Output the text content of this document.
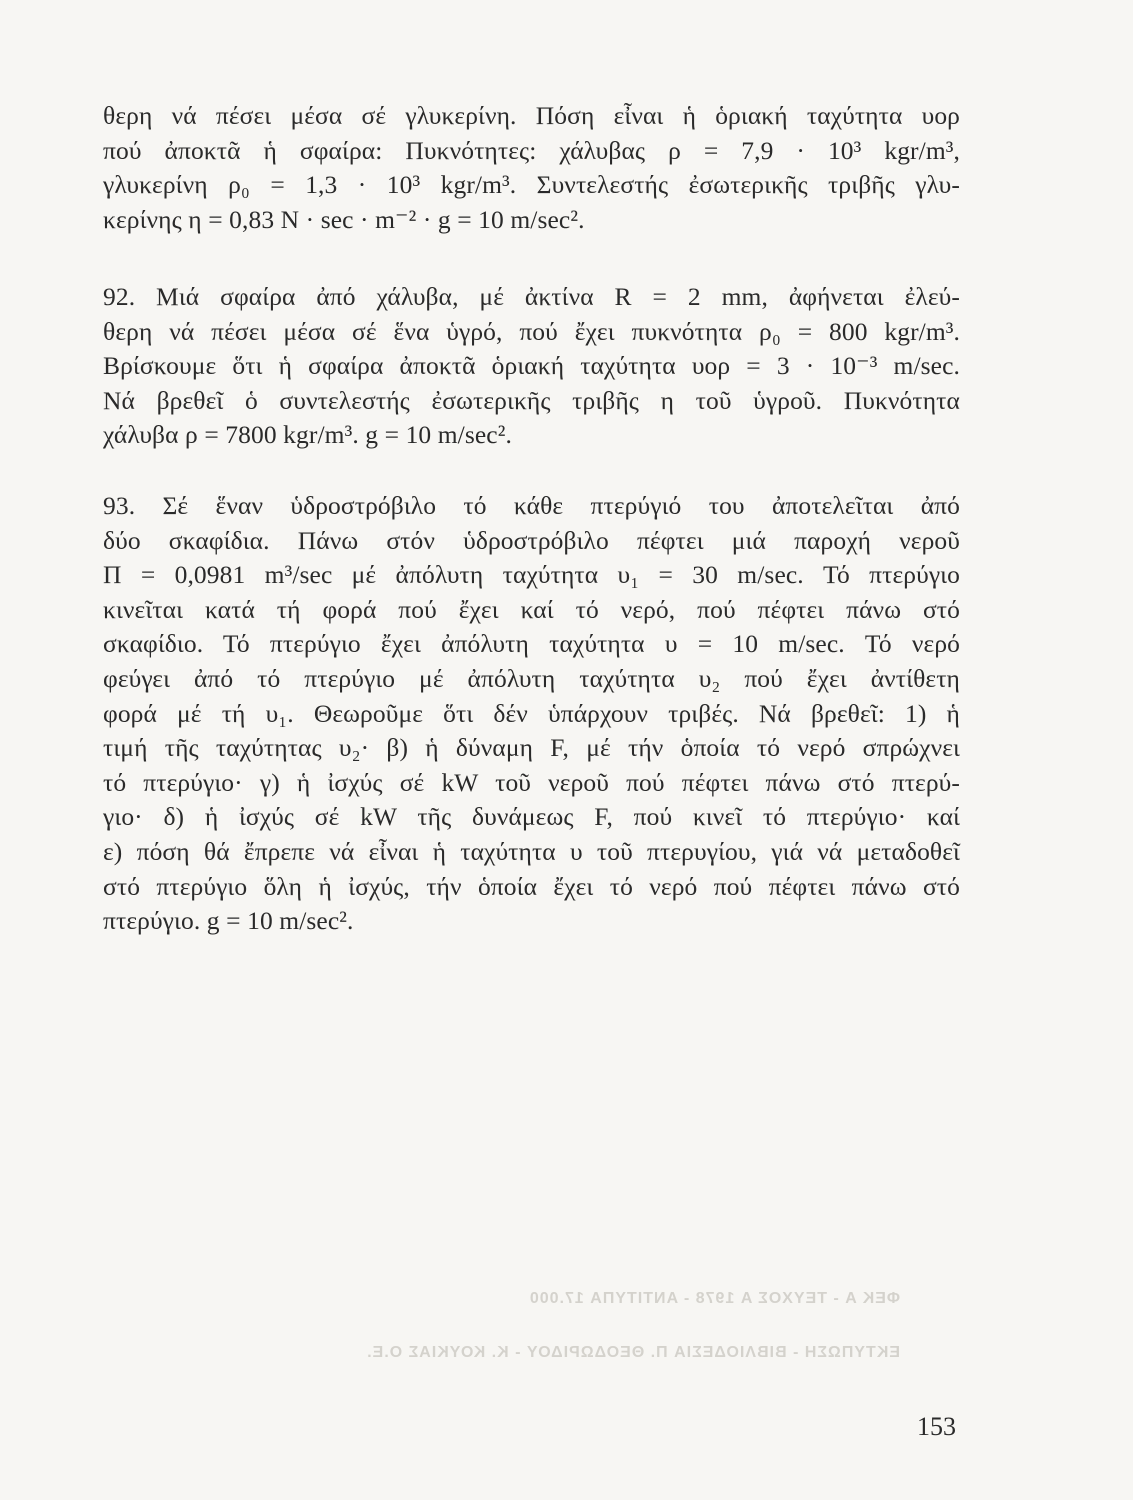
θερη νά πέσει μέσα σέ γλυκερίνη. Πόση εἶναι ἡ ὁριακή ταχύτητα υορ
πού ἀποκτᾶ ἡ σφαίρα: Πυκνότητες: χάλυβας ρ = 7,9 · 10³ kgr/m³,
γλυκερίνη ρ₀ = 1,3 · 10³ kgr/m³. Συντελεστής ἐσωτερικῆς τριβῆς γλυ-
κερίνης η = 0,83 N · sec · m⁻² · g = 10 m/sec².
92. Μιά σφαίρα ἀπό χάλυβα, μέ ἀκτίνα R = 2 mm, ἀφήνεται ἐλεύ-
θερη νά πέσει μέσα σέ ἕνα ὑγρό, πού ἔχει πυκνότητα ρ₀ = 800 kgr/m³.
Βρίσκουμε ὅτι ἡ σφαίρα ἀποκτᾶ ὁριακή ταχύτητα υορ = 3 · 10⁻³ m/sec.
Νά βρεθεῖ ὁ συντελεστής ἐσωτερικῆς τριβῆς η τοῦ ὑγροῦ. Πυκνότητα
χάλυβα ρ = 7800 kgr/m³. g = 10 m/sec².
93. Σέ ἕναν ὑδροστρόβιλο τό κάθε πτερύγιό του ἀποτελεῖται ἀπό
δύο σκαφίδια. Πάνω στόν ὑδροστρόβιλο πέφτει μιά παροχή νεροῦ
Π = 0,0981 m³/sec μέ ἀπόλυτη ταχύτητα υ₁ = 30 m/sec. Τό πτερύγιο
κινεῖται κατά τή φορά πού ἔχει καί τό νερό, πού πέφτει πάνω στό
σκαφίδιο. Τό πτερύγιο ἔχει ἀπόλυτη ταχύτητα υ = 10 m/sec. Τό νερό
φεύγει ἀπό τό πτερύγιο μέ ἀπόλυτη ταχύτητα υ₂ πού ἔχει ἀντίθετη
φορά μέ τή υ₁. Θεωροῦμε ὅτι δέν ὑπάρχουν τριβές. Νά βρεθεῖ: 1) ἡ
τιμή τῆς ταχύτητας υ₂· β) ἡ δύναμη F, μέ τήν ὁποία τό νερό σπρώχνει
τό πτερύγιο· γ) ἡ ἰσχύς σέ kW τοῦ νεροῦ πού πέφτει πάνω στό πτερύ-
γιο· δ) ἡ ἰσχύς σέ kW τῆς δυνάμεως F, πού κινεῖ τό πτερύγιο· καί
ε) πόση θά ἔπρεπε νά εἶναι ἡ ταχύτητα υ τοῦ πτερυγίου, γιά νά μεταδοθεῖ
στό πτερύγιο ὅλη ἡ ἰσχύς, τήν ὁποία ἔχει τό νερό πού πέφτει πάνω στό
πτερύγιο. g = 10 m/sec².
ΦΕΚ Α - ΤΕΥΧΟΣ Α 1978 - ΑΝΤΙΤΥΠΑ 17.000
ΕΚΤΥΠΩΣΗ - ΒΙΒΛΙΟΔΕΣΙΑ Π. ΘΕΟΔΩΡΙΔΟΥ - Κ. ΚΟΥΚΙΑΣ Ο.Ε.
153
